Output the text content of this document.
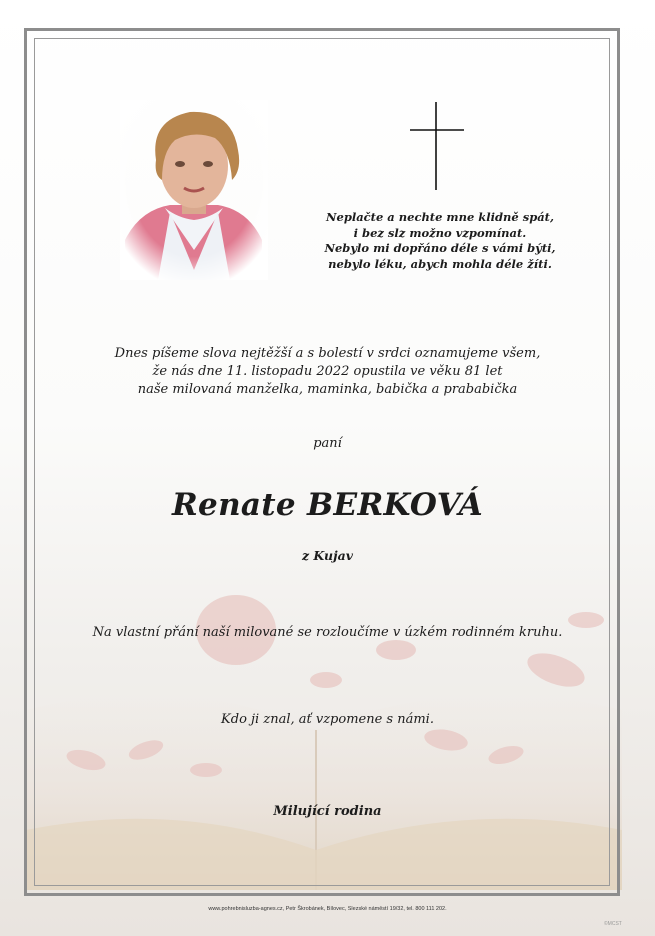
Neplačte a nechte mne klidně spát,
i bez slz možno vzpomínat.
Nebylo mi dopřáno déle s vámi býti,
nebylo léku, abych mohla déle žíti.
Dnes píšeme slova nejtěžší a s bolestí v srdci oznamujeme všem,
že nás dne 11. listopadu 2022 opustila ve věku 81 let
naše milovaná manželka, maminka, babička a prababička
paní
Renate BERKOVÁ
z Kujav
Na vlastní přání naší milované se rozloučíme v úzkém rodinném kruhu.
Kdo ji znal, ať vzpomene s námi.
Milující rodina
www.pohrebnisluzba-agnes.cz, Petr Škrobánek, Bílovec, Slezské náměstí 19/32, tel. 800 111 202.
©MCST
